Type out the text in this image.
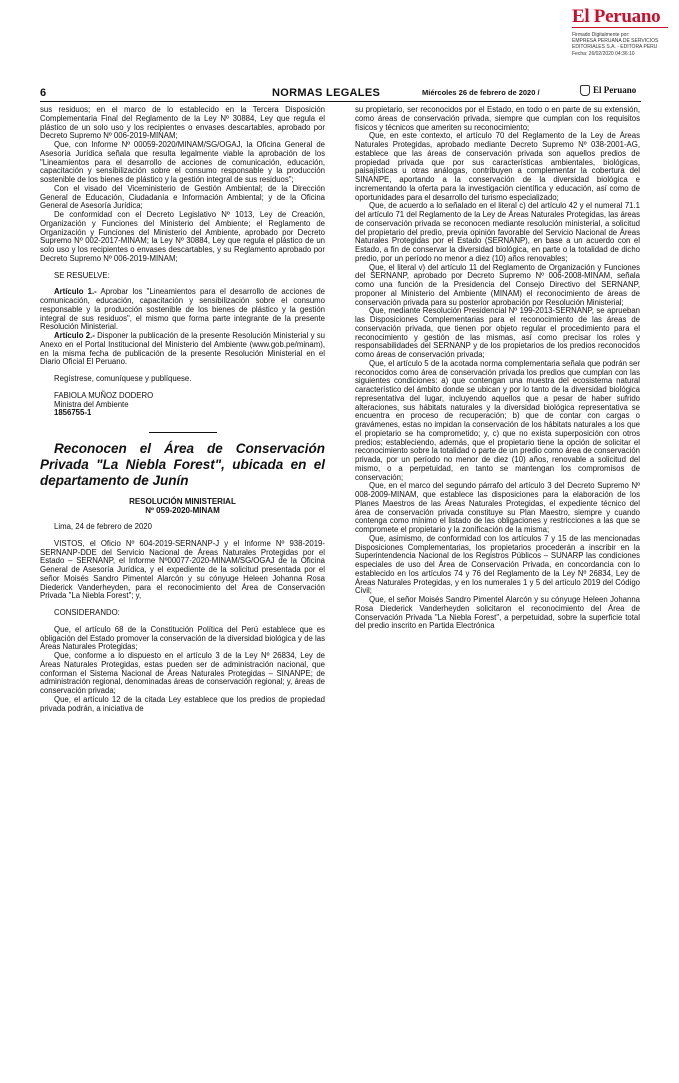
El Peruano
Firmado Digitalmente por:
EMPRESA PERUANA DE SERVICIOS
EDITORIALES S.A. - EDITORA PERU
Fecha: 26/02/2020 04:36:10
6	NORMAS LEGALES	Miércoles 26 de febrero de 2020 /	El Peruano

sus residuos; en el marco de lo establecido en la Tercera Disposición Complementaria Final del Reglamento de la Ley Nº 30884, Ley que regula el plástico de un solo uso y los recipientes o envases descartables, aprobado por Decreto Supremo Nº 006-2019-MINAM;

Que, con Informe Nº 00059-2020/MINAM/SG/OGAJ, la Oficina General de Asesoría Jurídica señala que resulta legalmente viable la aprobación de los "Lineamientos para el desarrollo de acciones de comunicación, educación, capacitación y sensibilización sobre el consumo responsable y la producción sostenible de los bienes de plástico y la gestión integral de sus residuos";

Con el visado del Viceministerio de Gestión Ambiental; de la Dirección General de Educación, Ciudadanía e Información Ambiental; y de la Oficina General de Asesoría Jurídica;

De conformidad con el Decreto Legislativo Nº 1013, Ley de Creación, Organización y Funciones del Ministerio del Ambiente; el Reglamento de Organización y Funciones del Ministerio del Ambiente, aprobado por Decreto Supremo Nº 002-2017-MINAM; la Ley Nº 30884, Ley que regula el plástico de un solo uso y los recipientes o envases descartables, y su Reglamento aprobado por Decreto Supremo Nº 006-2019-MINAM;

SE RESUELVE:

Artículo 1.- Aprobar los "Lineamientos para el desarrollo de acciones de comunicación, educación, capacitación y sensibilización sobre el consumo responsable y la producción sostenible de los bienes de plástico y la gestión integral de sus residuos", el mismo que forma parte integrante de la presente Resolución Ministerial.

Artículo 2.- Disponer la publicación de la presente Resolución Ministerial y su Anexo en el Portal Institucional del Ministerio del Ambiente (www.gob.pe/minam), en la misma fecha de publicación de la presente Resolución Ministerial en el Diario Oficial El Peruano.

Regístrese, comuníquese y publíquese.

FABIOLA MUÑOZ DODERO

Ministra del Ambiente

1856755-1

Reconocen el Área de Conservación Privada "La Niebla Forest", ubicada en el departamento de Junín

RESOLUCIÓN MINISTERIAL
Nº 059-2020-MINAM

Lima, 24 de febrero de 2020

VISTOS, el Oficio Nº 604-2019-SERNANP-J y el Informe Nº 938-2019-SERNANP-DDE del Servicio Nacional de Áreas Naturales Protegidas por el Estado – SERNANP, el Informe Nº00077-2020-MINAM/SG/OGAJ de la Oficina General de Asesoría Jurídica, y el expediente de la solicitud presentada por el señor Moisés Sandro Pimentel Alarcón y su cónyuge Heleen Johanna Rosa Diederick Vanderheyden, para el reconocimiento del Área de Conservación Privada "La Niebla Forest"; y,

CONSIDERANDO:

Que, el artículo 68 de la Constitución Política del Perú establece que es obligación del Estado promover la conservación de la diversidad biológica y de las Áreas Naturales Protegidas;

Que, conforme a lo dispuesto en el artículo 3 de la Ley Nº 26834, Ley de Áreas Naturales Protegidas, estas pueden ser de administración nacional, que conforman el Sistema Nacional de Áreas Naturales Protegidas – SINANPE; de administración regional, denominadas áreas de conservación regional; y, áreas de conservación privada;

Que, el artículo 12 de la citada Ley establece que los predios de propiedad privada podrán, a iniciativa de

su propietario, ser reconocidos por el Estado, en todo o en parte de su extensión, como áreas de conservación privada, siempre que cumplan con los requisitos físicos y técnicos que ameriten su reconocimiento;

Que, en este contexto, el artículo 70 del Reglamento de la Ley de Áreas Naturales Protegidas, aprobado mediante Decreto Supremo Nº 038-2001-AG, establece que las áreas de conservación privada son aquellos predios de propiedad privada que por sus características ambientales, biológicas, paisajísticas u otras análogas, contribuyen a complementar la cobertura del SINANPE, aportando a la conservación de la diversidad biológica e incrementando la oferta para la investigación científica y educación, así como de oportunidades para el desarrollo del turismo especializado;

Que, de acuerdo a lo señalado en el literal c) del artículo 42 y el numeral 71.1 del artículo 71 del Reglamento de la Ley de Áreas Naturales Protegidas, las áreas de conservación privada se reconocen mediante resolución ministerial, a solicitud del propietario del predio, previa opinión favorable del Servicio Nacional de Áreas Naturales Protegidas por el Estado (SERNANP), en base a un acuerdo con el Estado, a fin de conservar la diversidad biológica, en parte o la totalidad de dicho predio, por un período no menor a diez (10) años renovables;

Que, el literal v) del artículo 11 del Reglamento de Organización y Funciones del SERNANP, aprobado por Decreto Supremo Nº 006-2008-MINAM, señala como una función de la Presidencia del Consejo Directivo del SERNANP, proponer al Ministerio del Ambiente (MINAM) el reconocimiento de áreas de conservación privada para su posterior aprobación por Resolución Ministerial;

Que, mediante Resolución Presidencial Nº 199-2013-SERNANP, se aprueban las Disposiciones Complementarias para el reconocimiento de las áreas de conservación privada, que tienen por objeto regular el procedimiento para el reconocimiento y gestión de las mismas, así como precisar los roles y responsabilidades del SERNANP y de los propietarios de los predios reconocidos como áreas de conservación privada;

Que, el artículo 5 de la acotada norma complementaria señala que podrán ser reconocidos como área de conservación privada los predios que cumplan con las siguientes condiciones: a) que contengan una muestra del ecosistema natural característico del ámbito donde se ubican y por lo tanto de la diversidad biológica representativa del lugar, incluyendo aquellos que a pesar de haber sufrido alteraciones, sus hábitats naturales y la diversidad biológica representativa se encuentra en proceso de recuperación; b) que de contar con cargas o gravámenes, estas no impidan la conservación de los hábitats naturales a los que el propietario se ha comprometido; y, c) que no exista superposición con otros predios; estableciendo, además, que el propietario tiene la opción de solicitar el reconocimiento sobre la totalidad o parte de un predio como área de conservación privada, por un período no menor de diez (10) años, renovable a solicitud del mismo, o a perpetuidad, en tanto se mantengan los compromisos de conservación;

Que, en el marco del segundo párrafo del artículo 3 del Decreto Supremo Nº 008-2009-MINAM, que establece las disposiciones para la elaboración de los Planes Maestros de las Áreas Naturales Protegidas, el expediente técnico del área de conservación privada constituye su Plan Maestro, siempre y cuando contenga como mínimo el listado de las obligaciones y restricciones a las que se compromete el propietario y la zonificación de la misma;

Que, asimismo, de conformidad con los artículos 7 y 15 de las mencionadas Disposiciones Complementarias, los propietarios procederán a inscribir en la Superintendencia Nacional de los Registros Públicos – SUNARP las condiciones especiales de uso del Área de Conservación Privada, en concordancia con lo establecido en los artículos 74 y 76 del Reglamento de la Ley Nº 26834, Ley de Áreas Naturales Protegidas, y en los numerales 1 y 5 del artículo 2019 del Código Civil;

Que, el señor Moisés Sandro Pimentel Alarcón y su cónyuge Heleen Johanna Rosa Diederick Vanderheyden solicitaron el reconocimiento del Área de Conservación Privada "La Niebla Forest", a perpetuidad, sobre la superficie total del predio inscrito en Partida Electrónica
